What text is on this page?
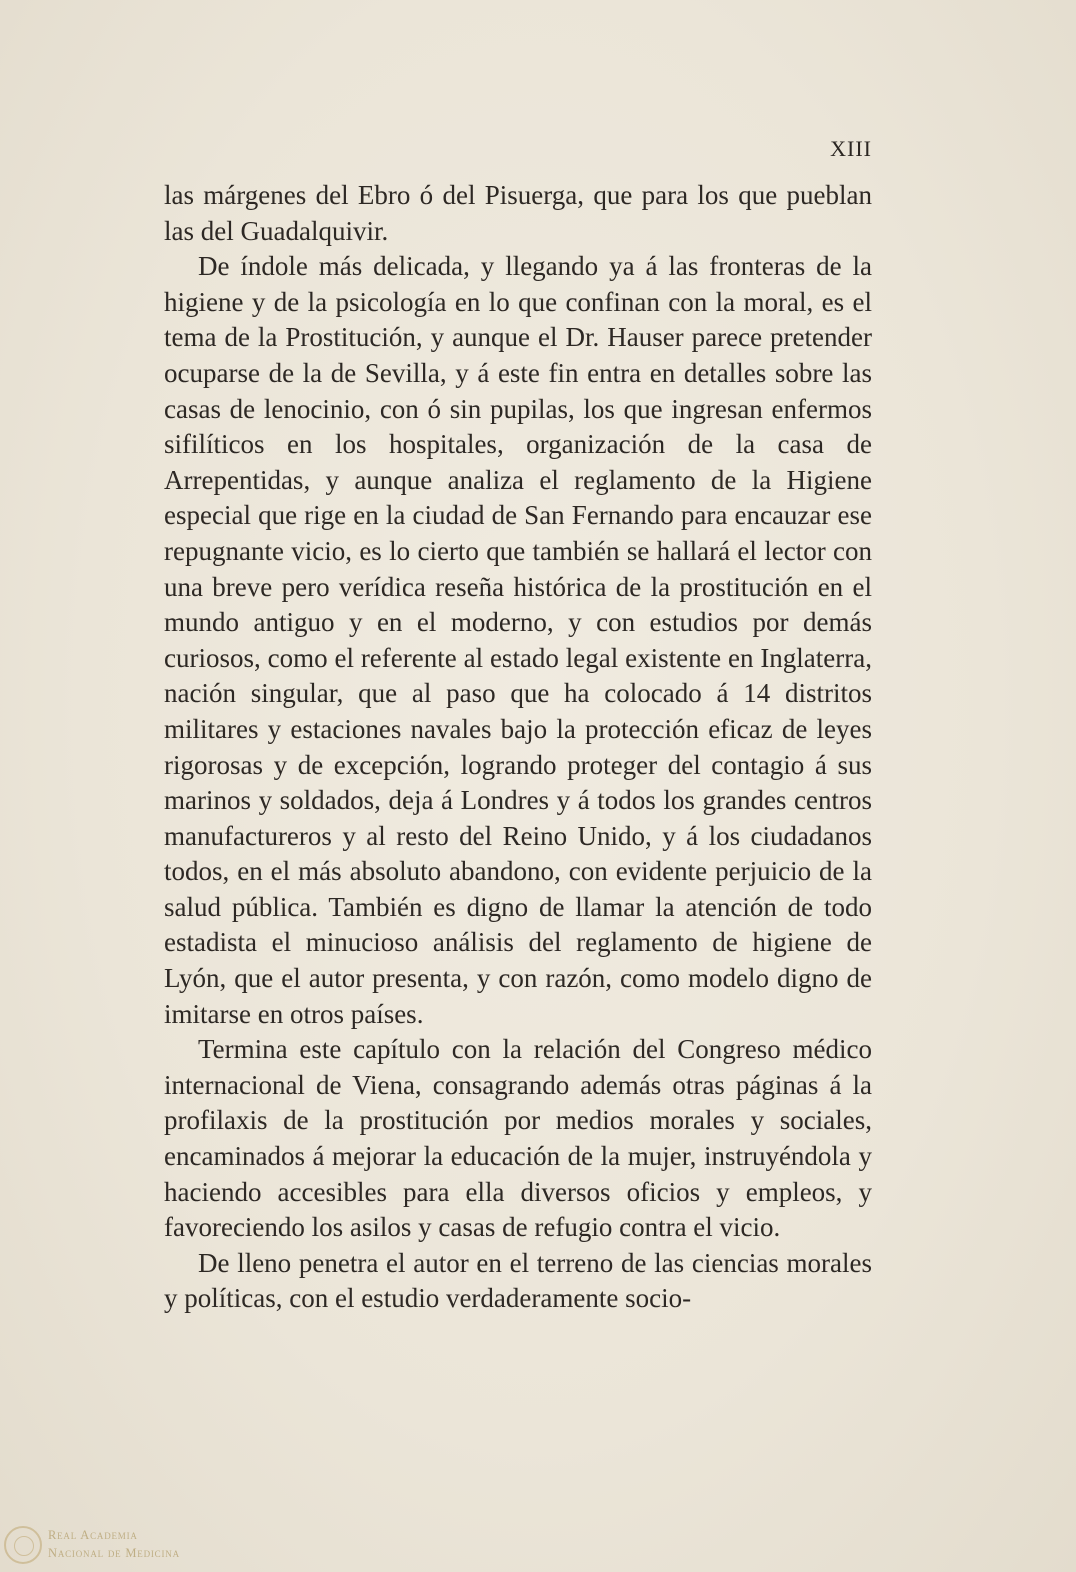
XIII

las márgenes del Ebro ó del Pisuerga, que para los que pueblan las del Guadalquivir.

De índole más delicada, y llegando ya á las fronteras de la higiene y de la psicología en lo que confinan con la moral, es el tema de la Prostitución, y aunque el Dr. Hauser parece pretender ocuparse de la de Sevilla, y á este fin entra en detalles sobre las casas de lenocinio, con ó sin pupilas, los que ingresan enfermos sifilíticos en los hospitales, organización de la casa de Arrepentidas, y aunque analiza el reglamento de la Higiene especial que rige en la ciudad de San Fernando para encauzar ese repugnante vicio, es lo cierto que también se hallará el lector con una breve pero verídica reseña histórica de la prostitución en el mundo antiguo y en el moderno, y con estudios por demás curiosos, como el referente al estado legal existente en Inglaterra, nación singular, que al paso que ha colocado á 14 distritos militares y estaciones navales bajo la protección eficaz de leyes rigorosas y de excepción, logrando proteger del contagio á sus marinos y soldados, deja á Londres y á todos los grandes centros manufactureros y al resto del Reino Unido, y á los ciudadanos todos, en el más absoluto abandono, con evidente perjuicio de la salud pública. También es digno de llamar la atención de todo estadista el minucioso análisis del reglamento de higiene de Lyón, que el autor presenta, y con razón, como modelo digno de imitarse en otros países.

Termina este capítulo con la relación del Congreso médico internacional de Viena, consagrando además otras páginas á la profilaxis de la prostitución por medios morales y sociales, encaminados á mejorar la educación de la mujer, instruyéndola y haciendo accesibles para ella diversos oficios y empleos, y favoreciendo los asilos y casas de refugio contra el vicio.

De lleno penetra el autor en el terreno de las ciencias morales y políticas, con el estudio verdaderamente socio-

Real Academia
Nacional de Medicina
